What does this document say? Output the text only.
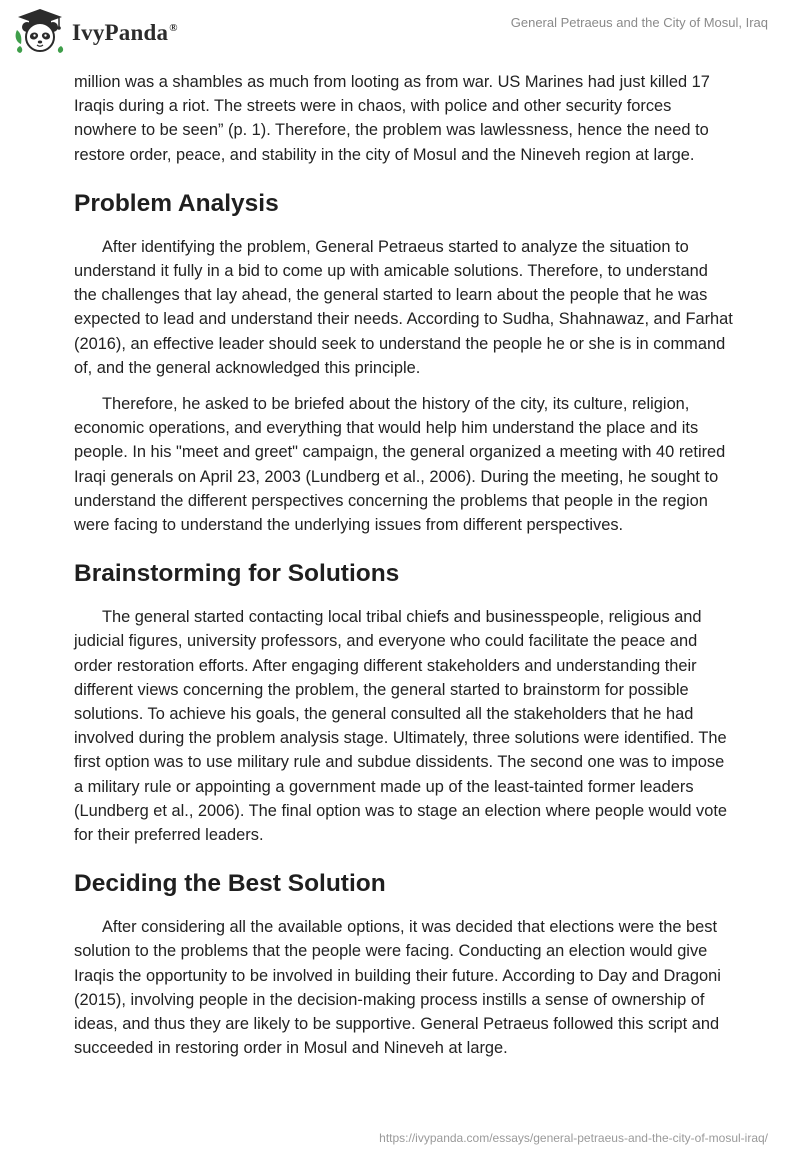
IvyPanda®	General Petraeus and the City of Mosul, Iraq

million was a shambles as much from looting as from war. US Marines had just killed 17 Iraqis during a riot. The streets were in chaos, with police and other security forces nowhere to be seen” (p. 1). Therefore, the problem was lawlessness, hence the need to restore order, peace, and stability in the city of Mosul and the Nineveh region at large.

Problem Analysis

After identifying the problem, General Petraeus started to analyze the situation to understand it fully in a bid to come up with amicable solutions. Therefore, to understand the challenges that lay ahead, the general started to learn about the people that he was expected to lead and understand their needs. According to Sudha, Shahnawaz, and Farhat (2016), an effective leader should seek to understand the people he or she is in command of, and the general acknowledged this principle.

Therefore, he asked to be briefed about the history of the city, its culture, religion, economic operations, and everything that would help him understand the place and its people. In his "meet and greet" campaign, the general organized a meeting with 40 retired Iraqi generals on April 23, 2003 (Lundberg et al., 2006). During the meeting, he sought to understand the different perspectives concerning the problems that people in the region were facing to understand the underlying issues from different perspectives.

Brainstorming for Solutions

The general started contacting local tribal chiefs and businesspeople, religious and judicial figures, university professors, and everyone who could facilitate the peace and order restoration efforts. After engaging different stakeholders and understanding their different views concerning the problem, the general started to brainstorm for possible solutions. To achieve his goals, the general consulted all the stakeholders that he had involved during the problem analysis stage. Ultimately, three solutions were identified. The first option was to use military rule and subdue dissidents. The second one was to impose a military rule or appointing a government made up of the least-tainted former leaders (Lundberg et al., 2006). The final option was to stage an election where people would vote for their preferred leaders.

Deciding the Best Solution

After considering all the available options, it was decided that elections were the best solution to the problems that the people were facing. Conducting an election would give Iraqis the opportunity to be involved in building their future. According to Day and Dragoni (2015), involving people in the decision-making process instills a sense of ownership of ideas, and thus they are likely to be supportive. General Petraeus followed this script and succeeded in restoring order in Mosul and Nineveh at large.

https://ivypanda.com/essays/general-petraeus-and-the-city-of-mosul-iraq/
